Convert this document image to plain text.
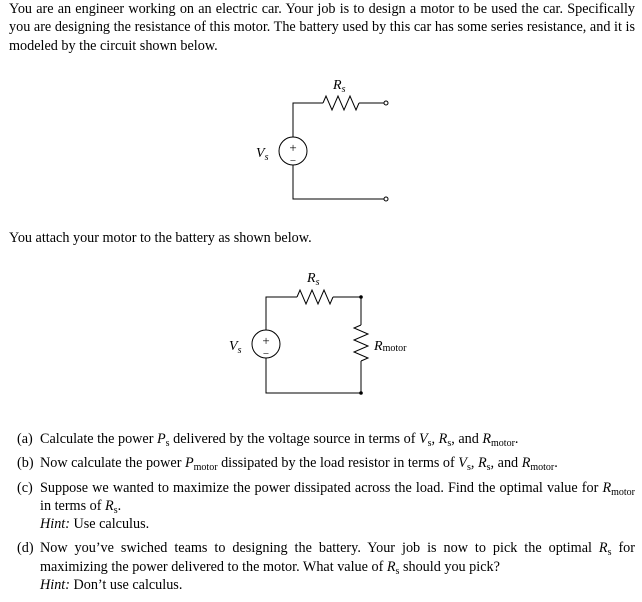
You are an engineer working on an electric car. Your job is to design a motor to be used the car. Specifically you are designing the resistance of this motor. The battery used by this car has some series resistance, and it is modeled by the circuit shown below.
+
−
$R_s$
$V_s$
You attach your motor to the battery as shown below.
+
−
$R_s$
$V_s$	Rmotor
(a) Calculate the power $P_s$ delivered by the voltage source in terms of $V_s$, $R_s$, and $R_{motor}$.
(b) Now calculate the power $P_{motor}$ dissipated by the load resistor in terms of $V_s$, $R_s$, and $R_{motor}$.
(c) Suppose we wanted to maximize the power dissipated across the load. Find the optimal value for $R_{motor}$ in terms of $R_s$.
Hint: Use calculus.
(d) Now you’ve swiched teams to designing the battery. Your job is now to pick the optimal $R_s$ for maximizing the power delivered to the motor. What value of $R_s$ should you pick?
Hint: Don’t use calculus.
